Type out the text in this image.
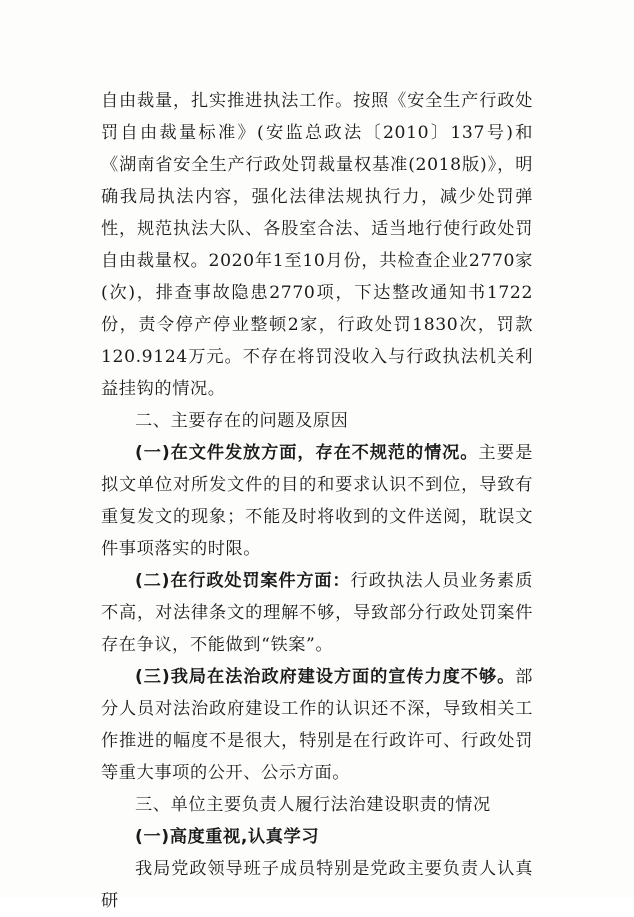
自由裁量，扎实推进执法工作。按照《安全生产行政处罚自由裁量标准》(安监总政法〔2010〕137号)和《湖南省安全生产行政处罚裁量权基准(2018版)》，明确我局执法内容，强化法律法规执行力，减少处罚弹性，规范执法大队、各股室合法、适当地行使行政处罚自由裁量权。2020年1至10月份，共检查企业2770家(次)，排查事故隐患2770项，下达整改通知书1722份，责令停产停业整顿2家，行政处罚1830次，罚款120.9124万元。不存在将罚没收入与行政执法机关利益挂钩的情况。

二、主要存在的问题及原因

(一)在文件发放方面，存在不规范的情况。主要是拟文单位对所发文件的目的和要求认识不到位，导致有重复发文的现象；不能及时将收到的文件送阅，耽误文件事项落实的时限。

(二)在行政处罚案件方面：行政执法人员业务素质不高，对法律条文的理解不够，导致部分行政处罚案件存在争议，不能做到“铁案”。

(三)我局在法治政府建设方面的宣传力度不够。部分人员对法治政府建设工作的认识还不深，导致相关工作推进的幅度不是很大，特别是在行政许可、行政处罚等重大事项的公开、公示方面。

三、单位主要负责人履行法治建设职责的情况

(一)高度重视,认真学习

我局党政领导班子成员特别是党政主要负责人认真研
